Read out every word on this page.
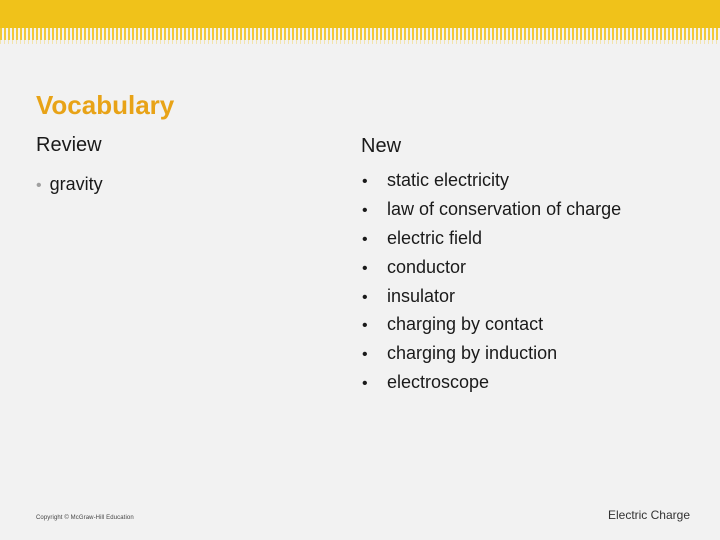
Vocabulary
Review	New
• gravity	•	static electricity
•	law of conservation of charge
•	electric field
•	conductor
•	insulator
•	charging by contact
•	charging by induction
•	electroscope
Copyright © McGraw-Hill Education	Electric Charge
